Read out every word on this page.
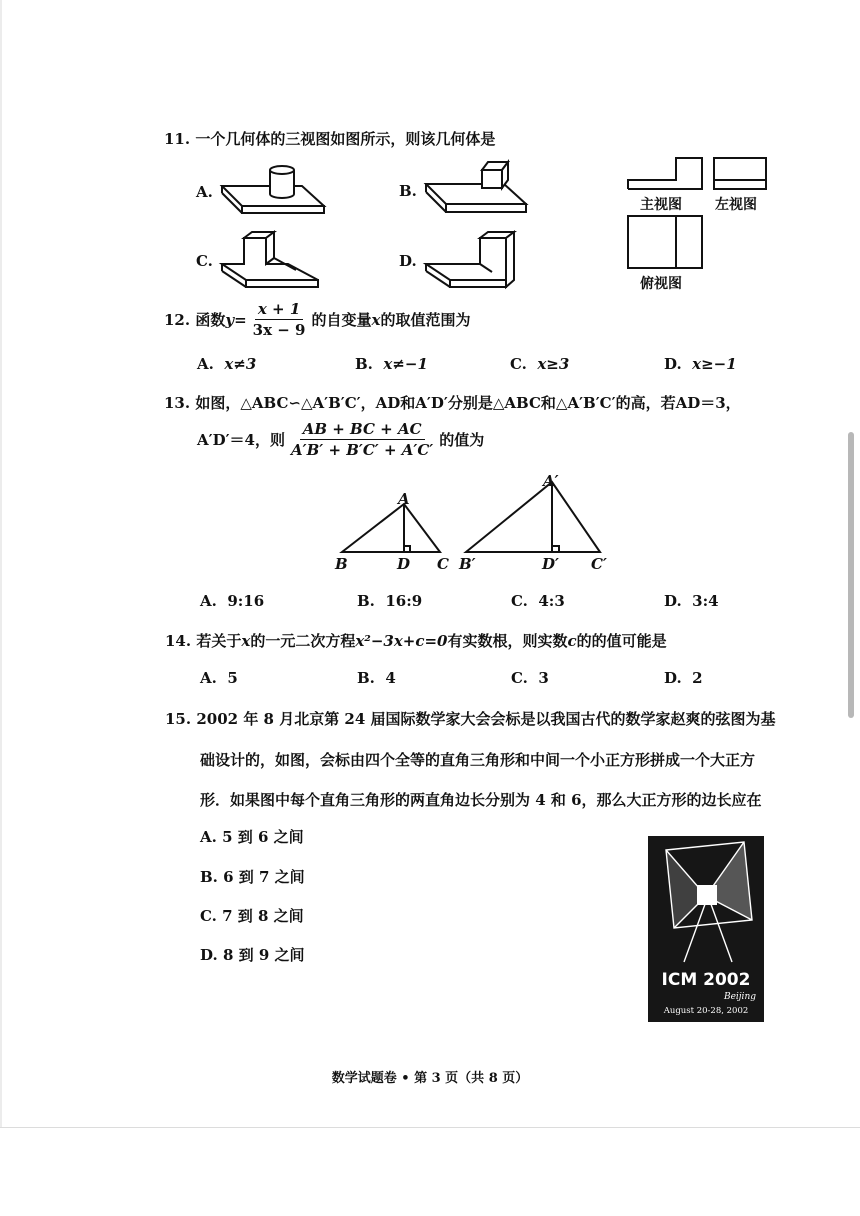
11. 一个几何体的三视图如图所示，则该几何体是
A.	B.
C.	D.
主视图 左视图
俯视图
12.
函数 $y = \frac{x + 1}{3x - 9}$ 的自变量 x 的取值范围为
A. x≠3	B. x≠−1	C. x≥3	D. x≥−1
13. 如图，△ABC∽△A′B′C′，AD和A′D′分别是△ABC和△A′B′C′的高，若AD＝3，
A′D′＝4，则 $\frac{AB + BC + AC}{A'B' + B'C' + A'C'}$ 的值为
A
B	D C
A′
B′	D′ C′
A. 9:16	B. 16:9	C. 4:3	D. 3:4
14. 若关于x的一元二次方程x²−3x+c=0有实数根，则实数c的的值可能是
A. 5	B. 4	C. 3	D. 2
15. 2002 年 8 月北京第 24 届国际数学家大会会标是以我国古代的数学家赵爽的弦图为基
础设计的，如图，会标由四个全等的直角三角形和中间一个小正方形拼成一个大正方
形．如果图中每个直角三角形的两直角边长分别为 4 和 6，那么大正方形的边长应在
A. 5 到 6 之间
B. 6 到 7 之间
C. 7 到 8 之间
D. 8 到 9 之间
ICM 2002
Beijing
August 20-28, 2002
数学试题卷 • 第 3 页（共 8 页）
